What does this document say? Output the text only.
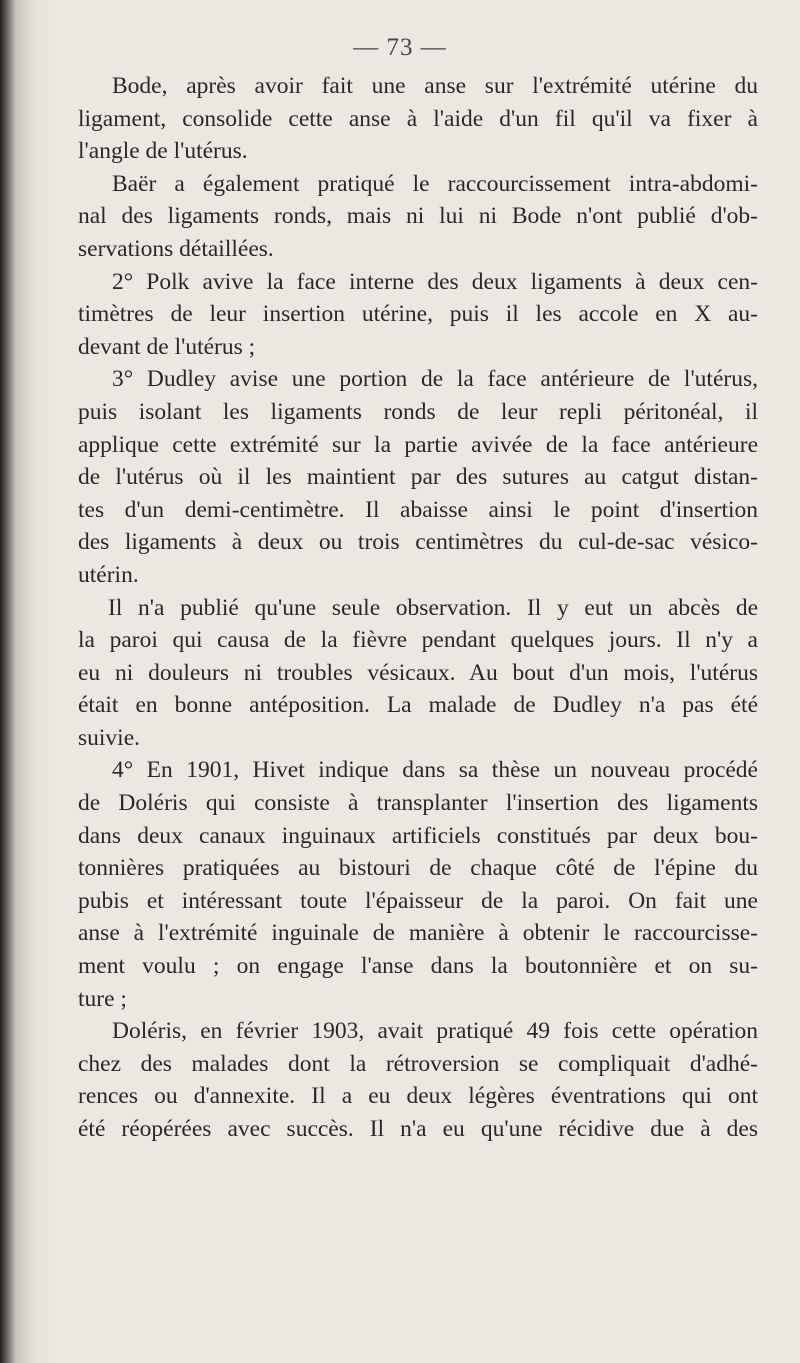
— 73 —

Bode, après avoir fait une anse sur l'extrémité utérine du
ligament, consolide cette anse à l'aide d'un fil qu'il va fixer à
l'angle de l'utérus.

Baër a également pratiqué le raccourcissement intra-abdomi-
nal des ligaments ronds, mais ni lui ni Bode n'ont publié d'ob-
servations détaillées.

2° Polk avive la face interne des deux ligaments à deux cen-
timètres de leur insertion utérine, puis il les accole en X au-
devant de l'utérus ;

3° Dudley avise une portion de la face antérieure de l'utérus,
puis isolant les ligaments ronds de leur repli péritonéal, il
applique cette extrémité sur la partie avivée de la face antérieure
de l'utérus où il les maintient par des sutures au catgut distan-
tes d'un demi-centimètre. Il abaisse ainsi le point d'insertion
des ligaments à deux ou trois centimètres du cul-de-sac vésico-
utérin.

Il n'a publié qu'une seule observation. Il y eut un abcès de
la paroi qui causa de la fièvre pendant quelques jours. Il n'y a
eu ni douleurs ni troubles vésicaux. Au bout d'un mois, l'utérus
était en bonne antéposition. La malade de Dudley n'a pas été
suivie.

4° En 1901, Hivet indique dans sa thèse un nouveau procédé
de Doléris qui consiste à transplanter l'insertion des ligaments
dans deux canaux inguinaux artificiels constitués par deux bou-
tonnières pratiquées au bistouri de chaque côté de l'épine du
pubis et intéressant toute l'épaisseur de la paroi. On fait une
anse à l'extrémité inguinale de manière à obtenir le raccourcisse-
ment voulu ; on engage l'anse dans la boutonnière et on su-
ture ;

Doléris, en février 1903, avait pratiqué 49 fois cette opération
chez des malades dont la rétroversion se compliquait d'adhé-
rences ou d'annexite. Il a eu deux légères éventrations qui ont
été réopérées avec succès. Il n'a eu qu'une récidive due à des
